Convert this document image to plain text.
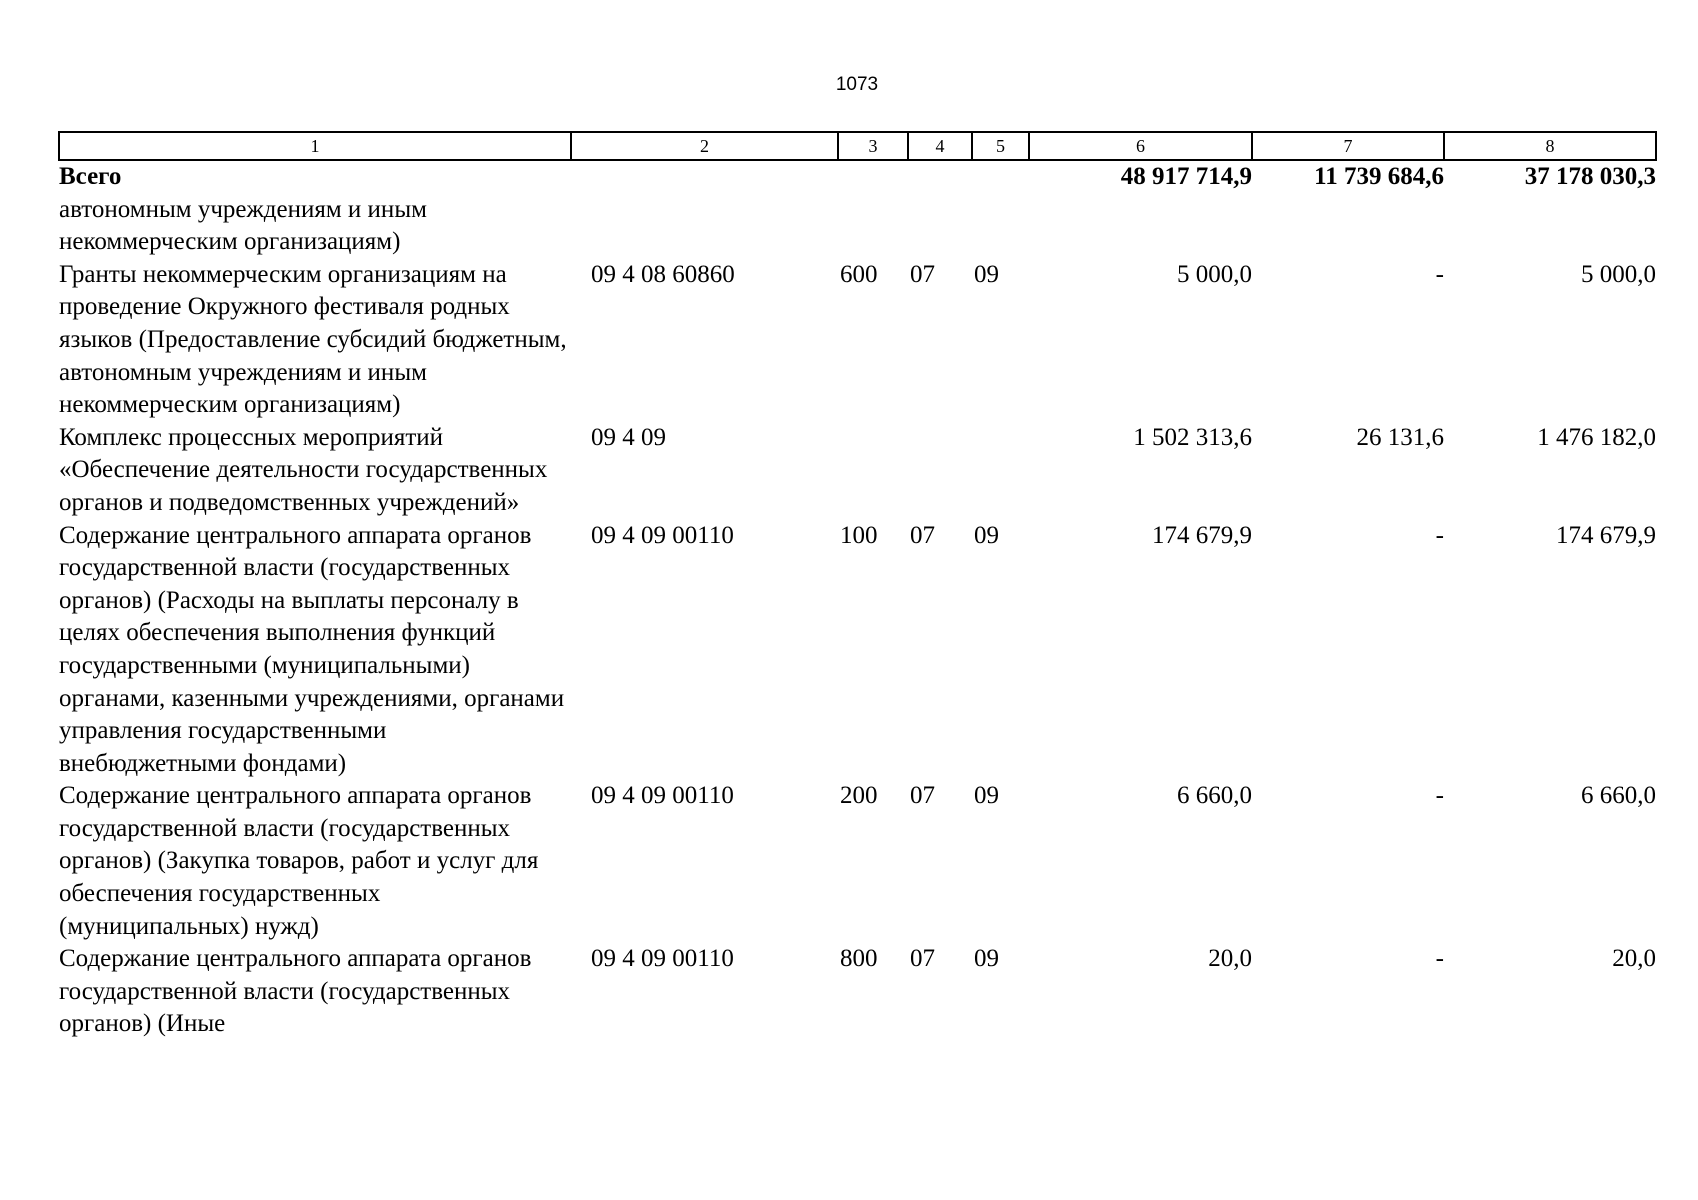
1073
1	2	3	4	5	6	7	8
Всего					48 917 714,9	11 739 684,6	37 178 030,3
автономным учреждениям и иным некоммерческим организациям)							
Гранты некоммерческим организациям на проведение Окружного фестиваля родных языков (Предоставление субсидий бюджетным, автономным учреждениям и иным некоммерческим организациям)	09 4 08 60860	600	07	09	5 000,0	-	5 000,0
Комплекс процессных мероприятий «Обеспечение деятельности государственных органов и подведомственных учреждений»	09 4 09				1 502 313,6	26 131,6	1 476 182,0
Содержание центрального аппарата органов государственной власти (государственных органов) (Расходы на выплаты персоналу в целях обеспечения выполнения функций государственными (муниципальными) органами, казенными учреждениями, органами управления государственными внебюджетными фондами)	09 4 09 00110	100	07	09	174 679,9	-	174 679,9
Содержание центрального аппарата органов государственной власти (государственных органов) (Закупка товаров, работ и услуг для обеспечения государственных (муниципальных) нужд)	09 4 09 00110	200	07	09	6 660,0	-	6 660,0
Содержание центрального аппарата органов государственной власти (государственных органов) (Иные	09 4 09 00110	800	07	09	20,0	-	20,0
